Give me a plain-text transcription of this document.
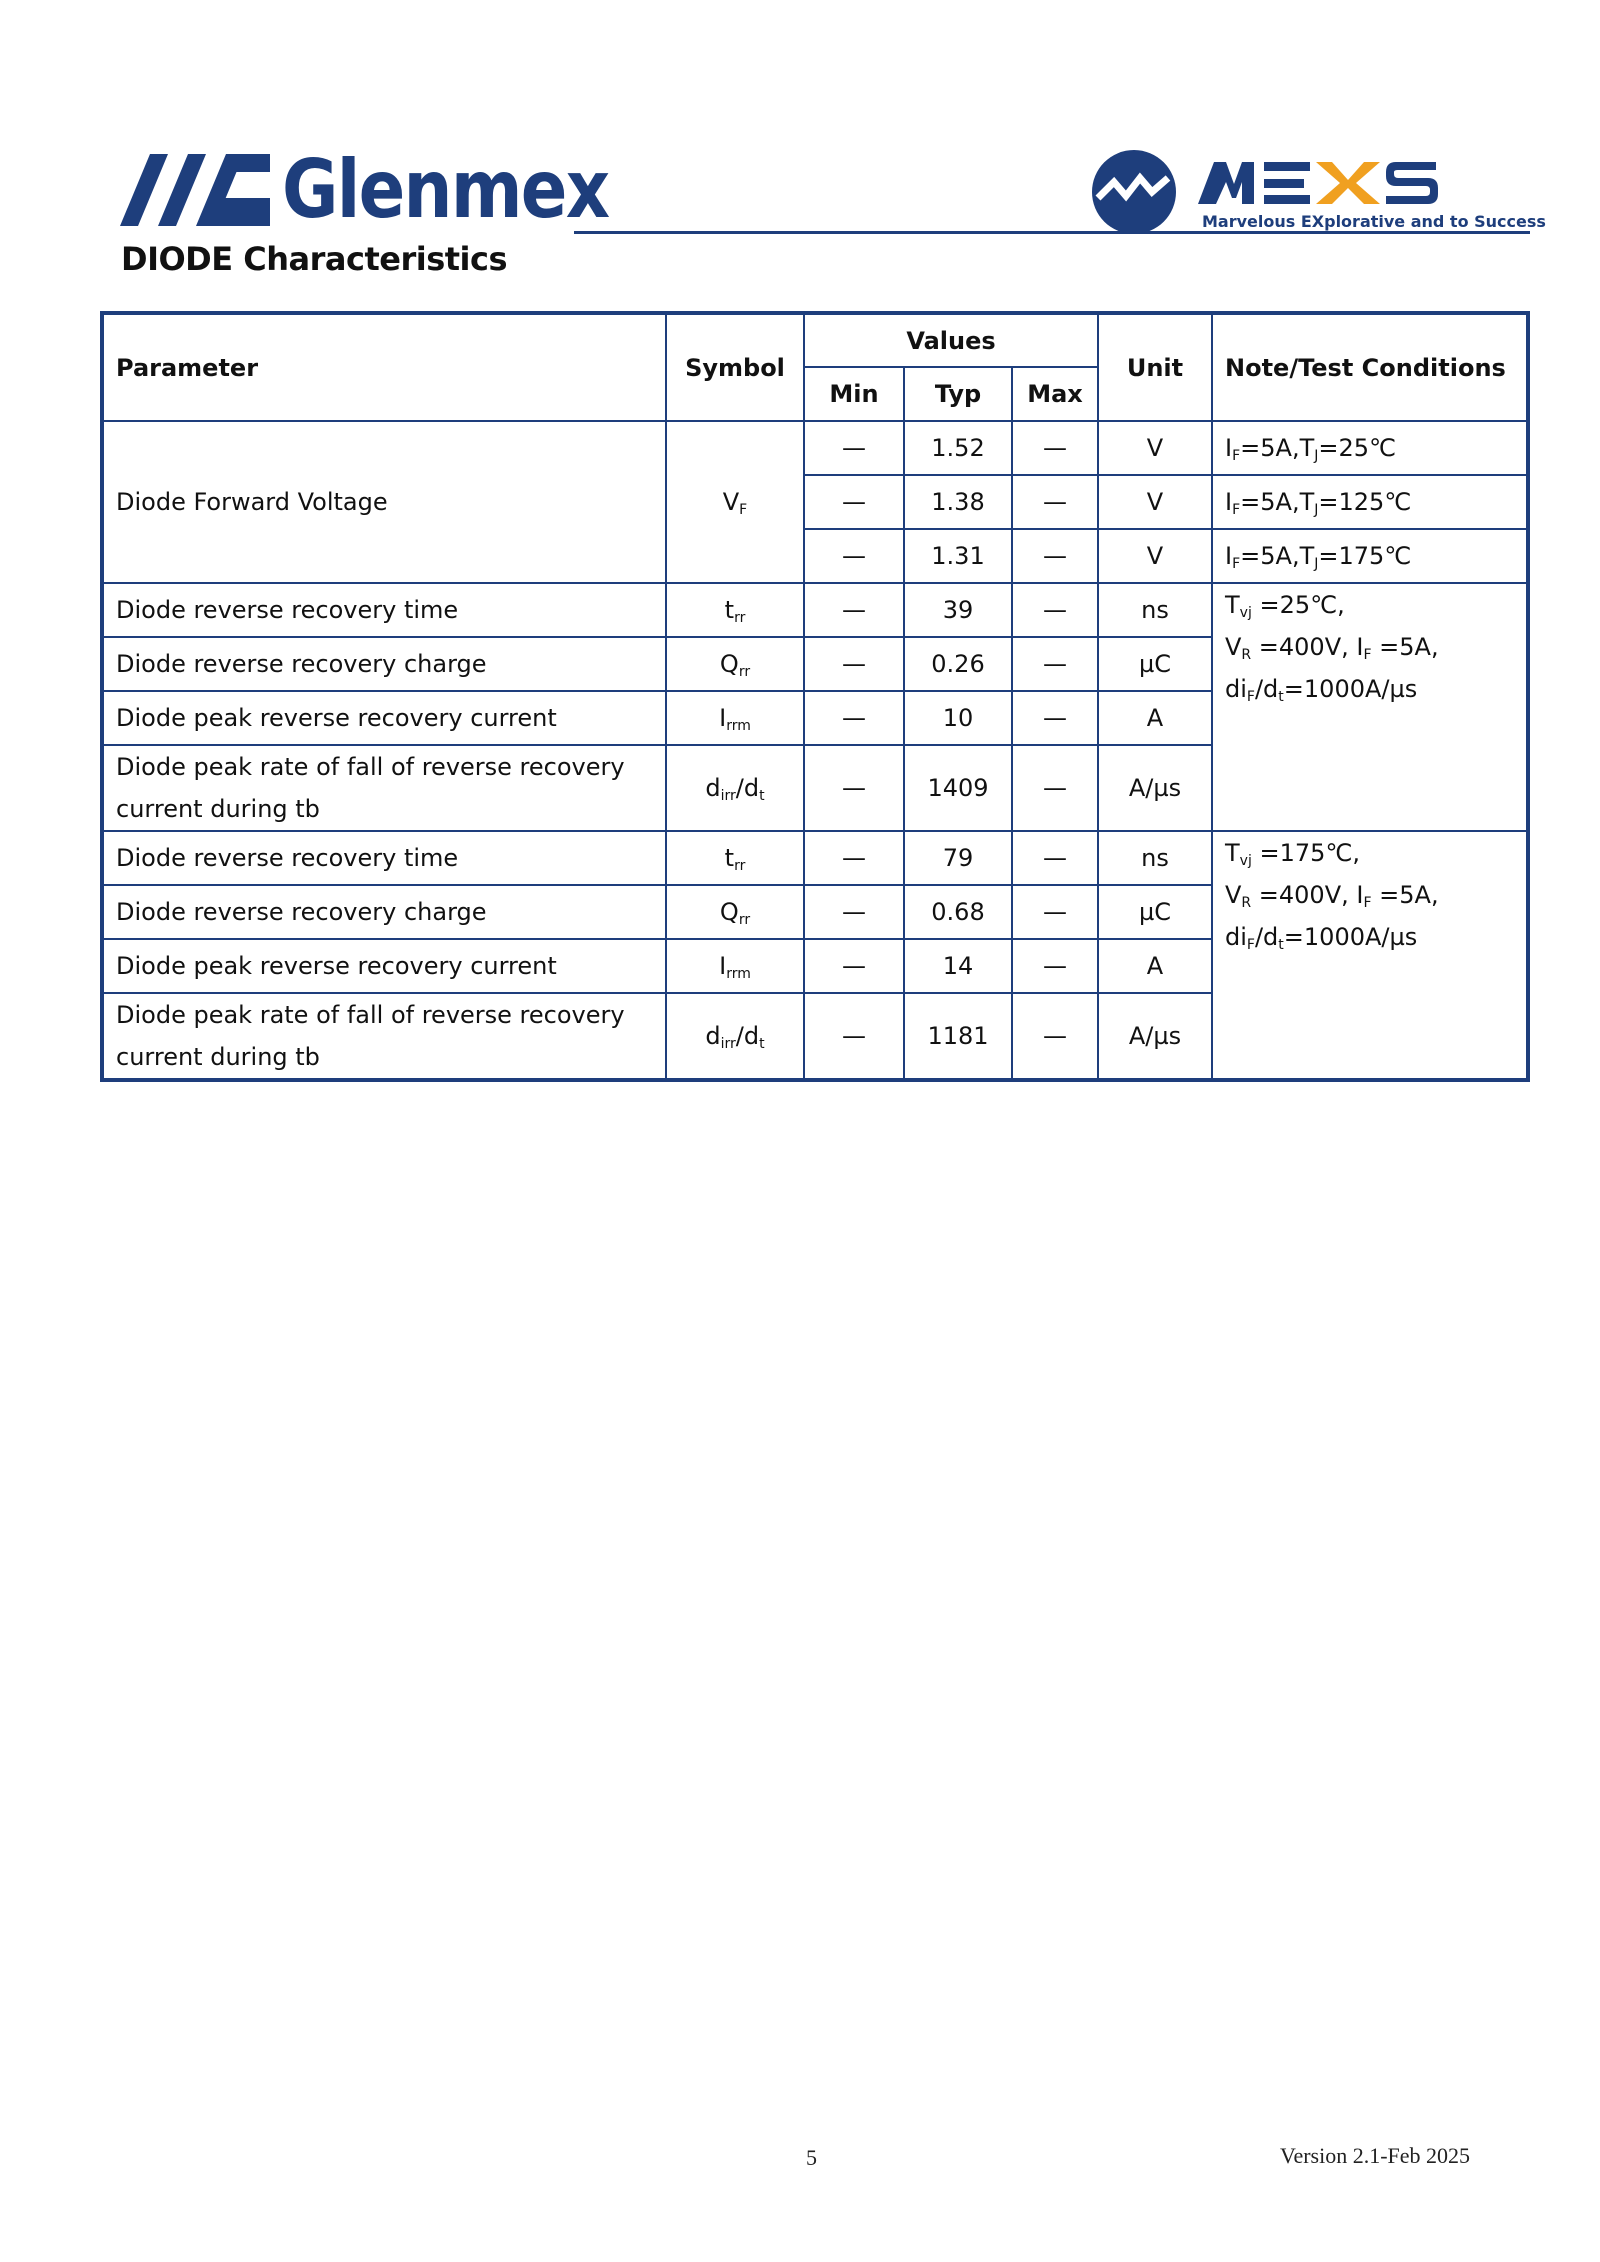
Glenmex	Marvelous EXplorative and to Success
DIODE Characteristics
Parameter	Symbol	Values			Unit	Note/Test Conditions
		Min	Typ	Max		
Diode Forward Voltage	$V_F$	—	1.52	—	V	$I_F=5A,T_J=25℃$
		—	1.38	—	V	$I_F=5A,T_J=125℃$
		—	1.31	—	V	$I_F=5A,T_J=175℃$
Diode reverse recovery time	$t_{rr}$	—	39	—	ns	$T_{vj}$ =25℃,
$V_R =400V$, $I_F =5A$,
$di_F/d_t=1000A/\mu s$

Diode reverse recovery charge	$Q_{rr}$	—	0.26	—	µC	
Diode peak reverse recovery current	$I_{rrm}$	—	10	—	A	
Diode peak rate of fall of reverse recovery current during tb	$d_{irr}/d_t$	—	1409	—	A/µs	
Diode reverse recovery time	$t_{rr}$	—	79	—	ns	$T_{vj}$ =175℃,
$V_R =400V$, $I_F =5A$,
$di_F/d_t=1000A/\mu s$

Diode reverse recovery charge	$Q_{rr}$	—	0.68	—	µC	
Diode peak reverse recovery current	$I_{rrm}$	—	14	—	A	
Diode peak rate of fall of reverse recovery current during tb	$d_{irr}/d_t$	—	1181	—	A/µs	
5	Version 2.1-Feb 2025
